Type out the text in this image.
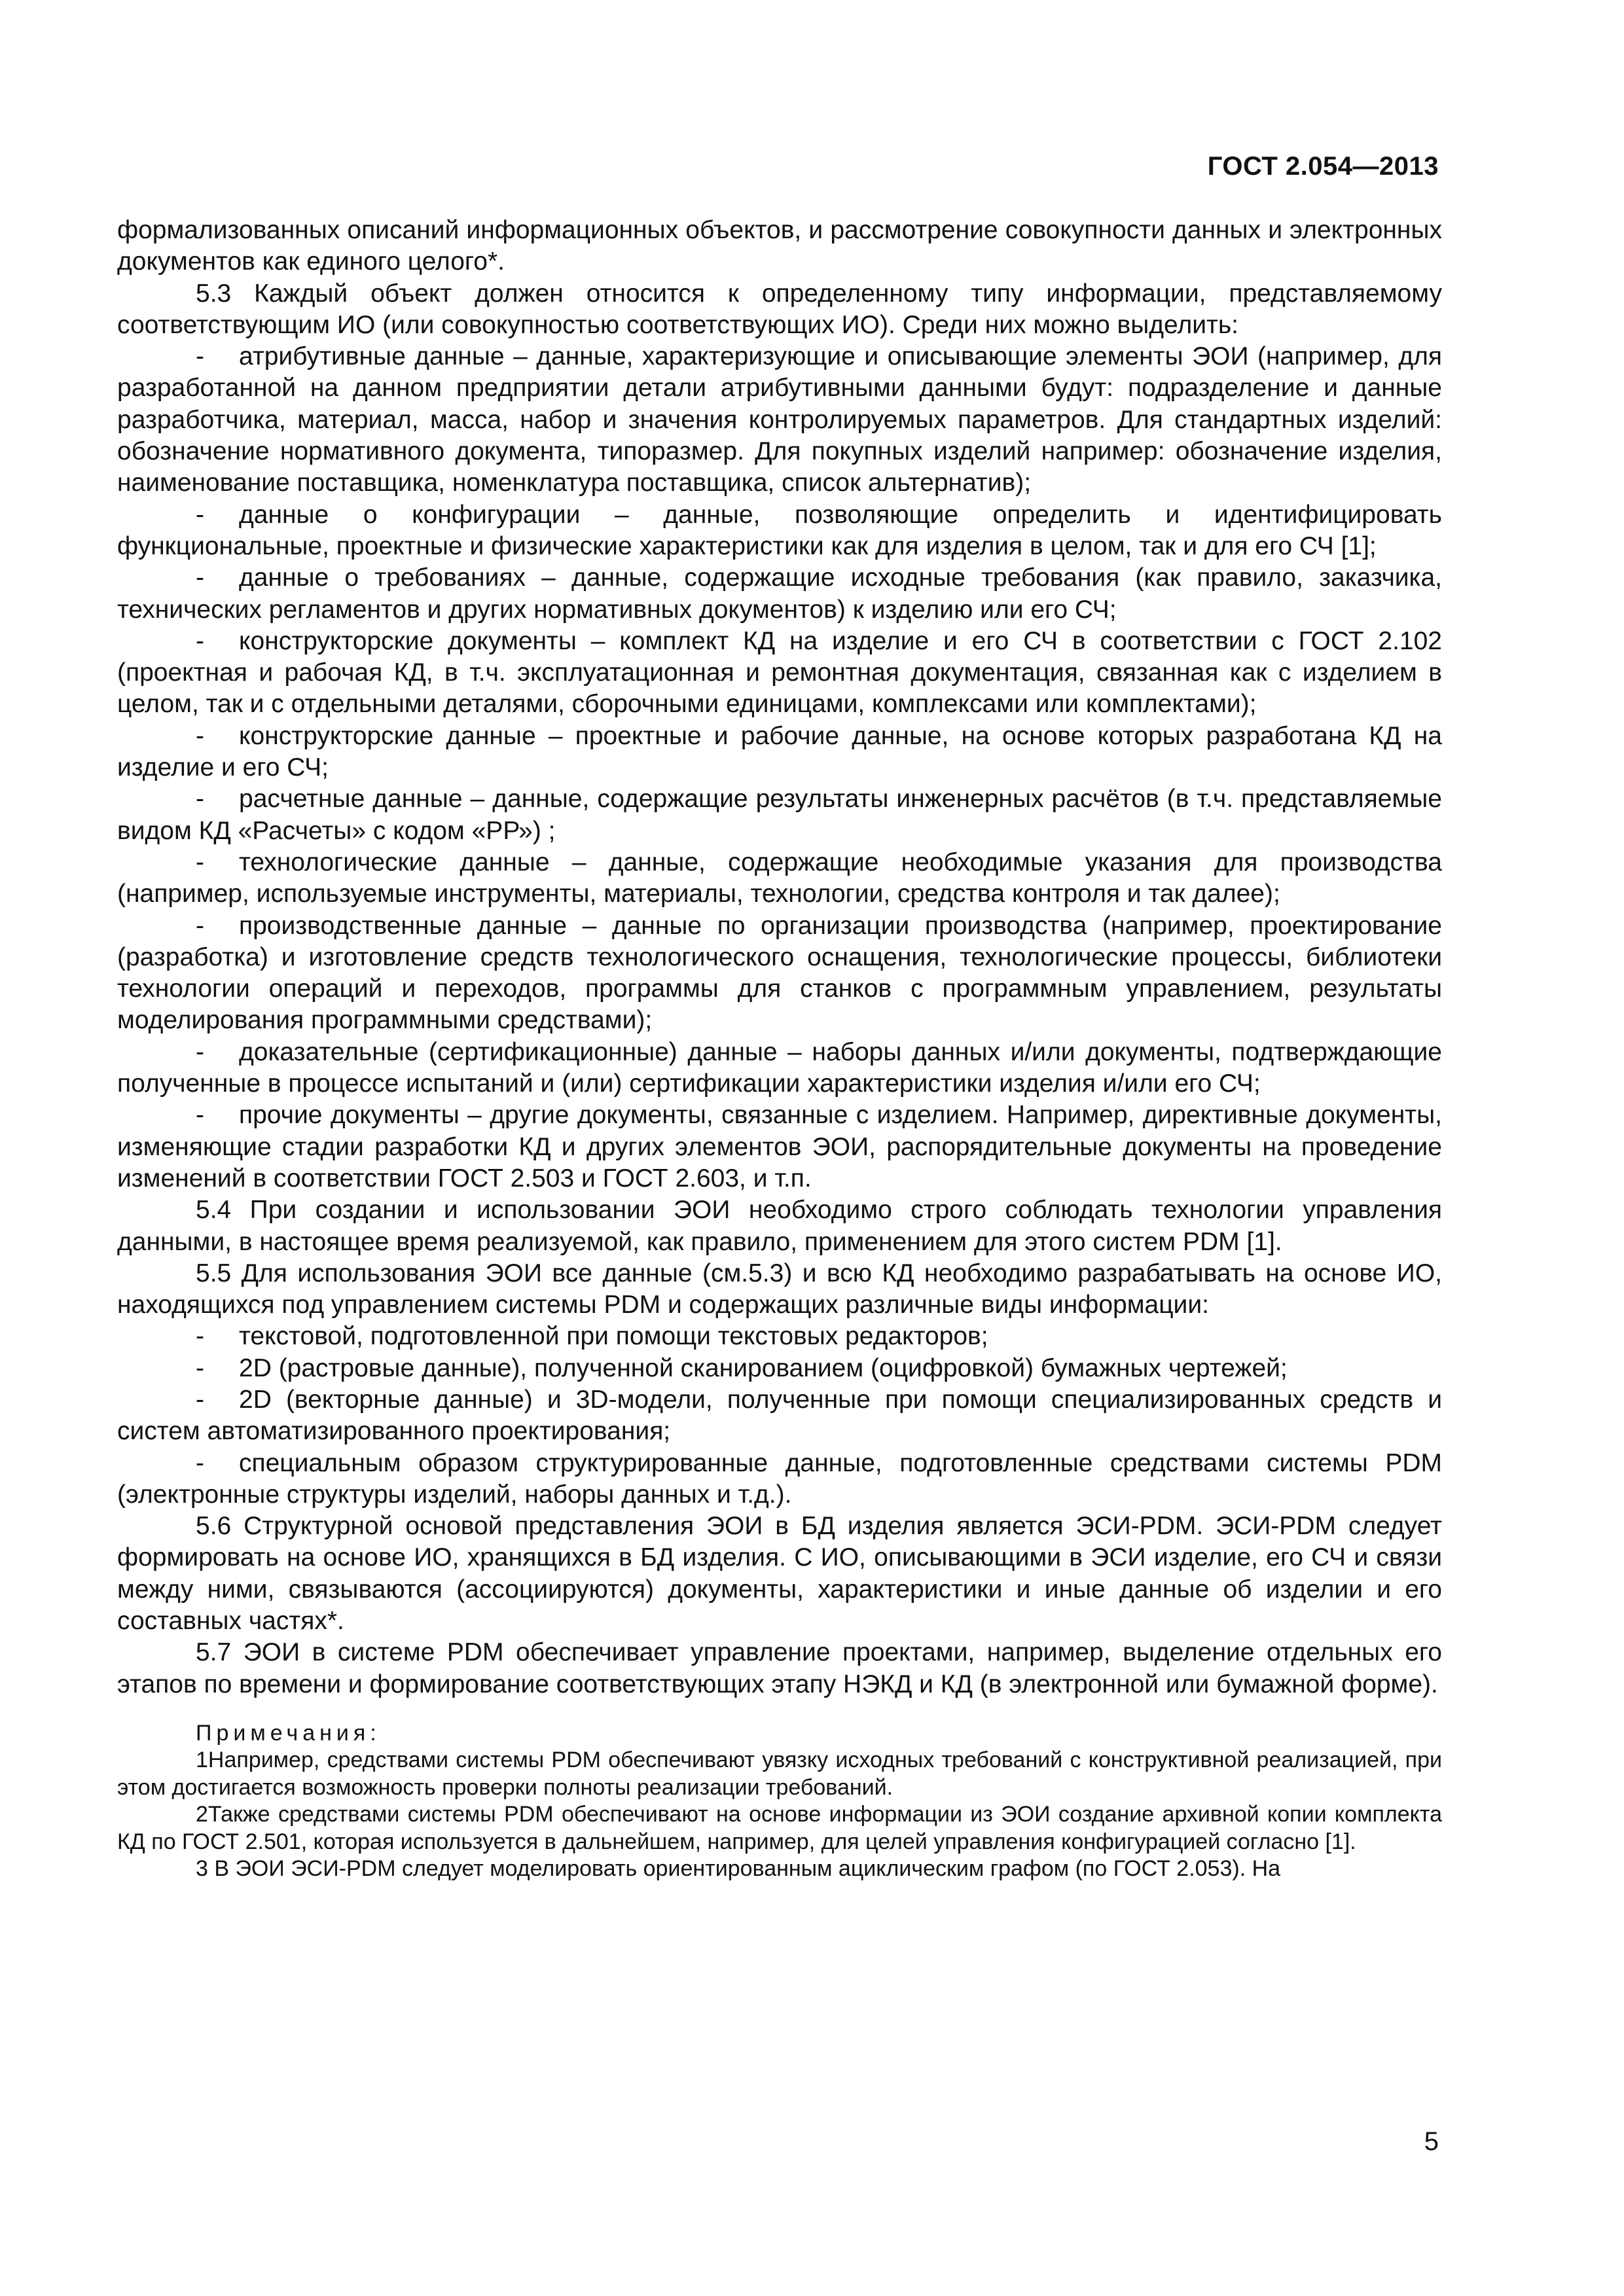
ГОСТ 2.054—2013

формализованных описаний информационных объектов, и рассмотрение совокупности данных и электронных документов как единого целого*.

5.3 Каждый объект должен относится к определенному типу информации, представляемому соответствующим ИО (или совокупностью соответствующих ИО). Среди них можно выделить:

- атрибутивные данные – данные, характеризующие и описывающие элементы ЭОИ (например, для разработанной на данном предприятии детали атрибутивными данными будут: подразделение и данные разработчика, материал, масса, набор и значения контролируемых параметров. Для стандартных изделий: обозначение нормативного документа, типоразмер. Для покупных изделий например: обозначение изделия, наименование поставщика, номенклатура поставщика, список альтернатив);

- данные о конфигурации – данные, позволяющие определить и идентифицировать функциональные, проектные и физические характеристики как для изделия в целом, так и для его СЧ [1];

- данные о требованиях – данные, содержащие исходные требования (как правило, заказчика, технических регламентов и других нормативных документов) к изделию или его СЧ;

- конструкторские документы – комплект КД на изделие и его СЧ в соответствии с ГОСТ 2.102 (проектная и рабочая КД, в т.ч. эксплуатационная и ремонтная документация, связанная как с изделием в целом, так и с отдельными деталями, сборочными единицами, комплексами или комплектами);

- конструкторские данные – проектные и рабочие данные, на основе которых разработана КД на изделие и его СЧ;

- расчетные данные – данные, содержащие результаты инженерных расчётов (в т.ч. представляемые видом КД «Расчеты» с кодом «РР») ;

- технологические данные – данные, содержащие необходимые указания для производства (например, используемые инструменты, материалы, технологии, средства контроля и так далее);

- производственные данные – данные по организации производства (например, проектирование (разработка) и изготовление средств технологического оснащения, технологические процессы, библиотеки технологии операций и переходов, программы для станков с программным управлением, результаты моделирования программными средствами);

- доказательные (сертификационные) данные – наборы данных и/или документы, подтверждающие полученные в процессе испытаний и (или) сертификации характеристики изделия и/или его СЧ;

- прочие документы – другие документы, связанные с изделием. Например, директивные документы, изменяющие стадии разработки КД и других элементов ЭОИ, распорядительные документы на проведение изменений в соответствии ГОСТ 2.503 и ГОСТ 2.603, и т.п.

5.4 При создании и использовании ЭОИ необходимо строго соблюдать технологии управления данными, в настоящее время реализуемой, как правило, применением для этого систем PDM [1].

5.5 Для использования ЭОИ все данные (см.5.3) и всю КД необходимо разрабатывать на основе ИО, находящихся под управлением системы PDM и содержащих различные виды информации:

- текстовой, подготовленной при помощи текстовых редакторов;

- 2D (растровые данные), полученной сканированием (оцифровкой) бумажных чертежей;

- 2D (векторные данные) и 3D-модели, полученные при помощи специализированных средств и систем автоматизированного проектирования;

- специальным образом структурированные данные, подготовленные средствами системы PDM (электронные структуры изделий, наборы данных и т.д.).

5.6 Структурной основой представления ЭОИ в БД изделия является ЭСИ-PDM. ЭСИ-PDM следует формировать на основе ИО, хранящихся в БД изделия. С ИО, описывающими в ЭСИ изделие, его СЧ и связи между ними, связываются (ассоциируются) документы, характеристики и иные данные об изделии и его составных частях*.

5.7 ЭОИ в системе PDM обеспечивает управление проектами, например, выделение отдельных его этапов по времени и формирование соответствующих этапу НЭКД и КД (в электронной или бумажной форме).

Примечания:

1Например, средствами системы PDM обеспечивают увязку исходных требований с конструктивной реализацией, при этом достигается возможность проверки полноты реализации требований.

2Также средствами системы PDM обеспечивают на основе информации из ЭОИ создание архивной копии комплекта КД по ГОСТ 2.501, которая используется в дальнейшем, например, для целей управления конфигурацией согласно [1].

3 В ЭОИ ЭСИ-PDM следует моделировать ориентированным ациклическим графом (по ГОСТ 2.053). На

5
